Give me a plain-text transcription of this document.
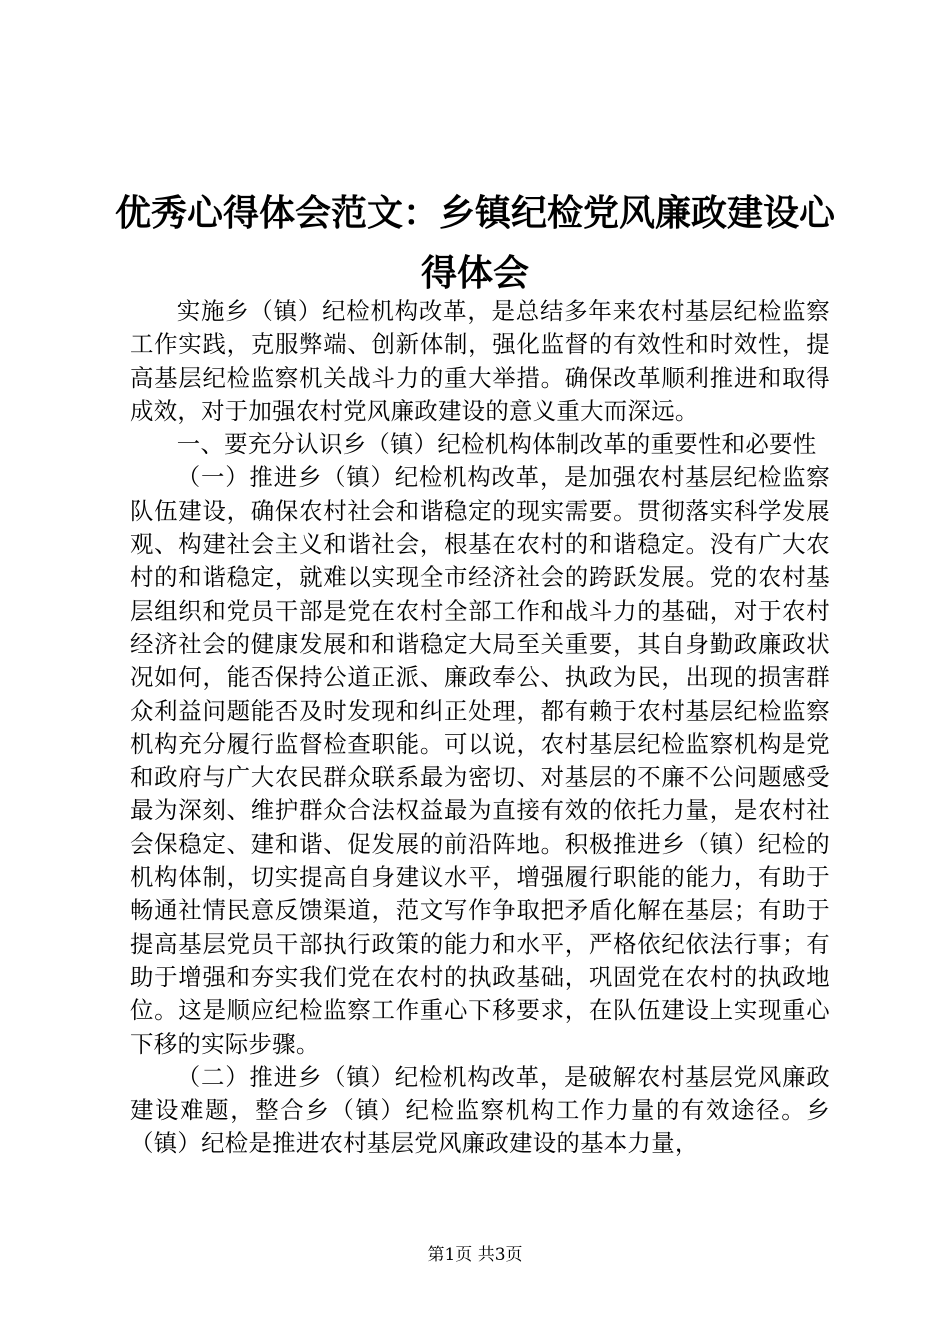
优秀心得体会范文：乡镇纪检党风廉政建设心
得体会

实施乡（镇）纪检机构改革，是总结多年来农村基层纪检监察工作实践，克服弊端、创新体制，强化监督的有效性和时效性，提高基层纪检监察机关战斗力的重大举措。确保改革顺利推进和取得成效，对于加强农村党风廉政建设的意义重大而深远。

一、要充分认识乡（镇）纪检机构体制改革的重要性和必要性

（一）推进乡（镇）纪检机构改革，是加强农村基层纪检监察队伍建设，确保农村社会和谐稳定的现实需要。贯彻落实科学发展观、构建社会主义和谐社会，根基在农村的和谐稳定。没有广大农村的和谐稳定，就难以实现全市经济社会的跨跃发展。党的农村基层组织和党员干部是党在农村全部工作和战斗力的基础，对于农村经济社会的健康发展和和谐稳定大局至关重要，其自身勤政廉政状况如何，能否保持公道正派、廉政奉公、执政为民，出现的损害群众利益问题能否及时发现和纠正处理，都有赖于农村基层纪检监察机构充分履行监督检查职能。可以说，农村基层纪检监察机构是党和政府与广大农民群众联系最为密切、对基层的不廉不公问题感受最为深刻、维护群众合法权益最为直接有效的依托力量，是农村社会保稳定、建和谐、促发展的前沿阵地。积极推进乡（镇）纪检的机构体制，切实提高自身建议水平，增强履行职能的能力，有助于畅通社情民意反馈渠道，范文写作争取把矛盾化解在基层；有助于提高基层党员干部执行政策的能力和水平，严格依纪依法行事；有助于增强和夯实我们党在农村的执政基础，巩固党在农村的执政地位。这是顺应纪检监察工作重心下移要求，在队伍建设上实现重心下移的实际步骤。

（二）推进乡（镇）纪检机构改革，是破解农村基层党风廉政建设难题，整合乡（镇）纪检监察机构工作力量的有效途径。乡（镇）纪检是推进农村基层党风廉政建设的基本力量，

第1页 共3页
